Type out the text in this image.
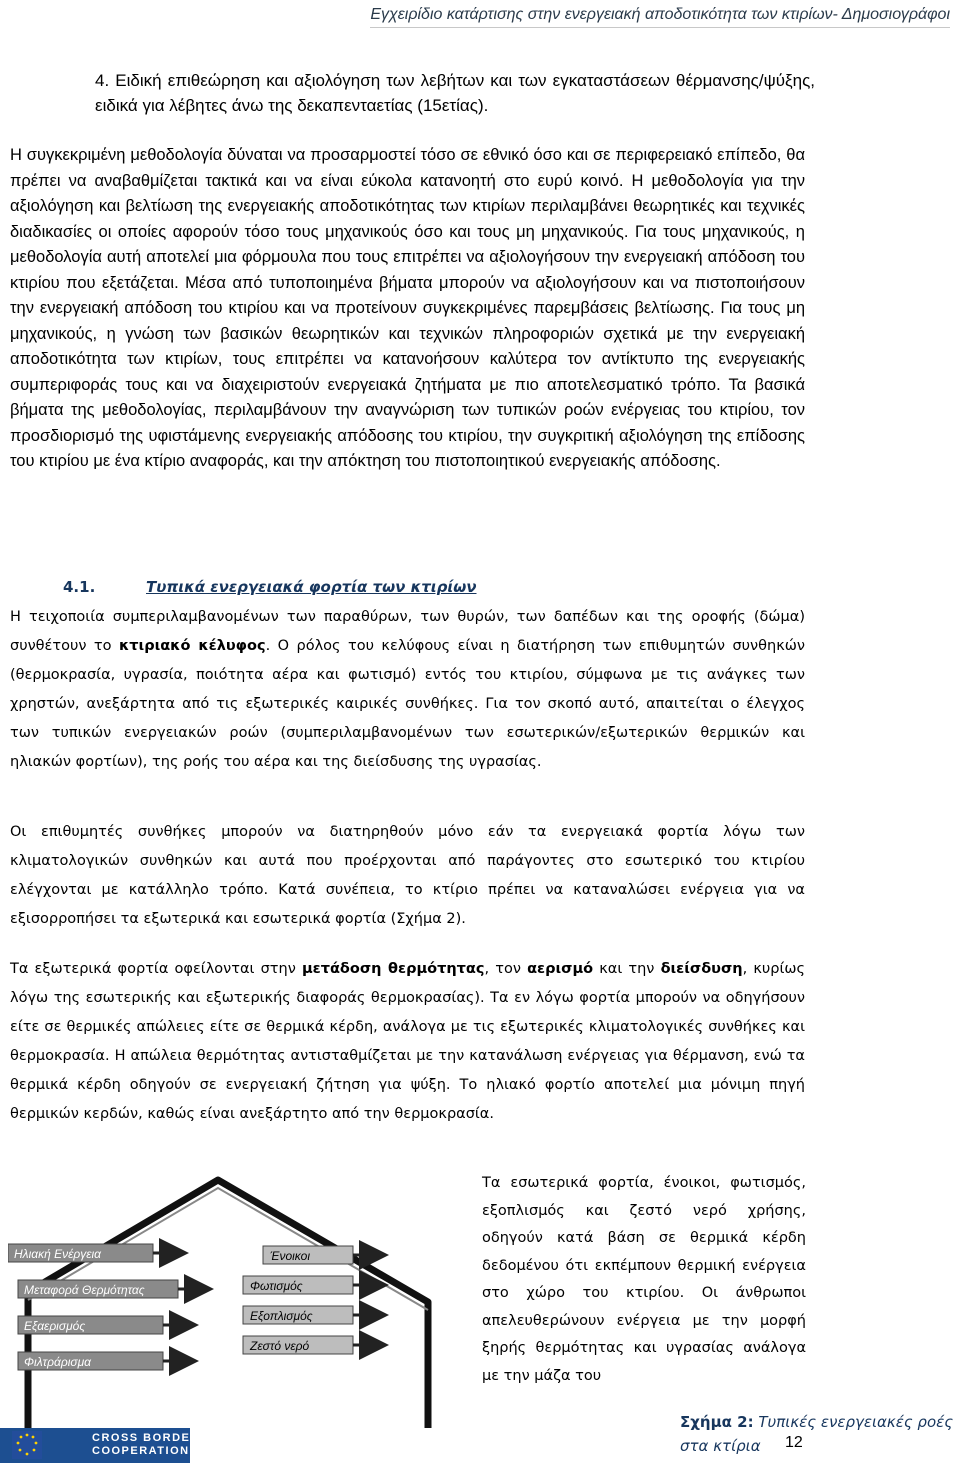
Εγχειρίδιο κατάρτισης στην ενεργειακή αποδοτικότητα των κτιρίων- Δημοσιογράφοι
4. Ειδική επιθεώρηση και αξιολόγηση των λεβήτων και των εγκαταστάσεων θέρμανσης/ψύξης, ειδικά για λέβητες άνω της δεκαπενταετίας (15ετίας).
Η συγκεκριμένη μεθοδολογία δύναται να προσαρμοστεί τόσο σε εθνικό όσο και σε περιφερειακό επίπεδο, θα πρέπει να αναβαθμίζεται τακτικά και να είναι εύκολα κατανοητή στο ευρύ κοινό. Η μεθοδολογία για την αξιολόγηση και βελτίωση της ενεργειακής αποδοτικότητας των κτιρίων περιλαμβάνει θεωρητικές και τεχνικές διαδικασίες οι οποίες αφορούν τόσο τους μηχανικούς όσο και τους μη μηχανικούς. Για τους μηχανικούς, η μεθοδολογία αυτή αποτελεί μια φόρμουλα που τους επιτρέπει να αξιολογήσουν την ενεργειακή απόδοση του κτιρίου που εξετάζεται. Μέσα από τυποποιημένα βήματα μπορούν να αξιολογήσουν και να πιστοποιήσουν την ενεργειακή απόδοση του κτιρίου και να προτείνουν συγκεκριμένες παρεμβάσεις βελτίωσης. Για τους μη μηχανικούς, η γνώση των βασικών θεωρητικών και τεχνικών πληροφοριών σχετικά με την ενεργειακή αποδοτικότητα των κτιρίων, τους επιτρέπει να κατανοήσουν καλύτερα τον αντίκτυπο της ενεργειακής συμπεριφοράς τους και να διαχειριστούν ενεργειακά ζητήματα με πιο αποτελεσματικό τρόπο. Τα βασικά βήματα της μεθοδολογίας, περιλαμβάνουν την αναγνώριση των τυπικών ροών ενέργειας του κτιρίου, τον προσδιορισμό της υφιστάμενης ενεργειακής απόδοσης του κτιρίου, την συγκριτική αξιολόγηση της επίδοσης του κτιρίου με ένα κτίριο αναφοράς, και την απόκτηση του πιστοποιητικού ενεργειακής απόδοσης.
4.1.	Τυπικά ενεργειακά φορτία των κτιρίων
Η τειχοποιία συμπεριλαμβανομένων των παραθύρων, των θυρών, των δαπέδων και της οροφής (δώμα) συνθέτουν το κτιριακό κέλυφος. Ο ρόλος του κελύφους είναι η διατήρηση των επιθυμητών συνθηκών (θερμοκρασία, υγρασία, ποιότητα αέρα και φωτισμό) εντός του κτιρίου, σύμφωνα με τις ανάγκες των χρηστών, ανεξάρτητα από τις εξωτερικές καιρικές συνθήκες. Για τον σκοπό αυτό, απαιτείται ο έλεγχος των τυπικών ενεργειακών ροών (συμπεριλαμβανομένων των εσωτερικών/εξωτερικών θερμικών και ηλιακών φορτίων), της ροής του αέρα και της διείσδυσης της υγρασίας.
Οι επιθυμητές συνθήκες μπορούν να διατηρηθούν μόνο εάν τα ενεργειακά φορτία λόγω των κλιματολογικών συνθηκών και αυτά που προέρχονται από παράγοντες στο εσωτερικό του κτιρίου ελέγχονται με κατάλληλο τρόπο. Κατά συνέπεια, το κτίριο πρέπει να καταναλώσει ενέργεια για να εξισορροπήσει τα εξωτερικά και εσωτερικά φορτία (Σχήμα 2).
Τα εξωτερικά φορτία οφείλονται στην μετάδοση θερμότητας, τον αερισμό και την διείσδυση, κυρίως λόγω της εσωτερικής και εξωτερικής διαφοράς θερμοκρασίας). Τα εν λόγω φορτία μπορούν να οδηγήσουν είτε σε θερμικές απώλειες είτε σε θερμικά κέρδη, ανάλογα με τις εξωτερικές κλιματολογικές συνθήκες και θερμοκρασία. Η απώλεια θερμότητας αντισταθμίζεται με την κατανάλωση ενέργειας για θέρμανση, ενώ τα θερμικά κέρδη οδηγούν σε ενεργειακή ζήτηση για ψύξη. Το ηλιακό φορτίο αποτελεί μια μόνιμη πηγή θερμικών κερδών, καθώς είναι ανεξάρτητο από την θερμοκρασία.
Ηλιακή Ενέργεια
Μεταφορά Θερμότητας
Εξαερισμός
Φιλτράρισμα
Ένοικοι
Φωτισμός
Εξοπλισμός
Ζεστό νερό
Τα εσωτερικά φορτία, ένοικοι, φωτισμός, εξοπλισμός και ζεστό νερό χρήσης, οδηγούν κατά βάση σε θερμικά κέρδη δεδομένου ότι εκπέμπουν θερμική ενέργεια στο χώρο του κτιρίου. Οι άνθρωποι απελευθερώνουν ενέργεια με την μορφή ξηρής θερμότητας και υγρασίας ανάλογα με την μάζα του
Σχήμα 2: Τυπικές ενεργειακές ροές στα κτίρια
CROSS BORDER
COOPERATION	12
